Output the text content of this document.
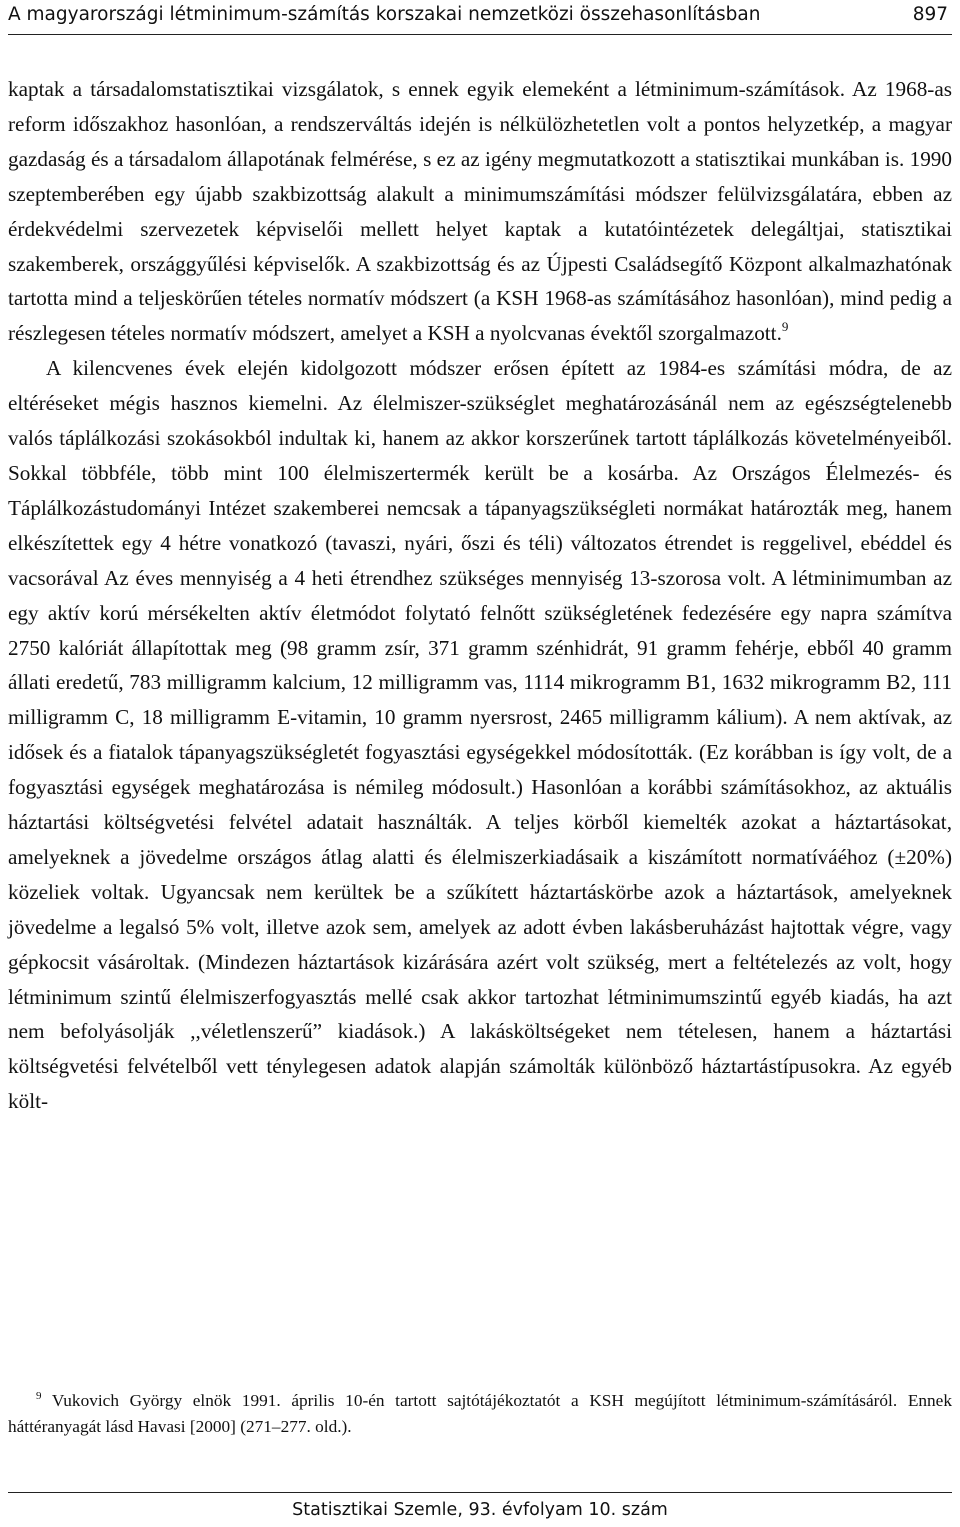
A magyarországi létminimum-számítás korszakai nemzetközi összehasonlításban	897

kaptak a társadalomstatisztikai vizsgálatok, s ennek egyik elemeként a létminimum-számítások. Az 1968-as reform időszakhoz hasonlóan, a rendszerváltás idején is nélkülözhetetlen volt a pontos helyzetkép, a magyar gazdaság és a társadalom állapotának felmérése, s ez az igény megmutatkozott a statisztikai munkában is. 1990 szeptemberében egy újabb szakbizottság alakult a minimumszámítási módszer felülvizsgálatára, ebben az érdekvédelmi szervezetek képviselői mellett helyet kaptak a kutatóintézetek delegáltjai, statisztikai szakemberek, országgyűlési képviselők. A szakbizottság és az Újpesti Családsegítő Központ alkalmazhatónak tartotta mind a teljeskörűen tételes normatív módszert (a KSH 1968-as számításához hasonlóan), mind pedig a részlegesen tételes normatív módszert, amelyet a KSH a nyolcvanas évektől szorgalmazott.$^9$

A kilencvenes évek elején kidolgozott módszer erősen épített az 1984-es számítási módra, de az eltéréseket mégis hasznos kiemelni. Az élelmiszer-szükséglet meghatározásánál nem az egészségtelenebb valós táplálkozási szokásokból indultak ki, hanem az akkor korszerűnek tartott táplálkozás követelményeiből. Sokkal többféle, több mint 100 élelmiszertermék került be a kosárba. Az Országos Élelmezés- és Táplálkozástudományi Intézet szakemberei nemcsak a tápanyagszükségleti normákat határozták meg, hanem elkészítettek egy 4 hétre vonatkozó (tavaszi, nyári, őszi és téli) változatos étrendet is reggelivel, ebéddel és vacsorával Az éves mennyiség a 4 heti étrendhez szükséges mennyiség 13-szorosa volt. A létminimumban az egy aktív korú mérsékelten aktív életmódot folytató felnőtt szükségletének fedezésére egy napra számítva 2750 kalóriát állapítottak meg (98 gramm zsír, 371 gramm szénhidrát, 91 gramm fehérje, ebből 40 gramm állati eredetű, 783 milligramm kalcium, 12 milligramm vas, 1114 mikrogramm B1, 1632 mikrogramm B2, 111 milligramm C, 18 milligramm E-vitamin, 10 gramm nyersrost, 2465 milligramm kálium). A nem aktívak, az idősek és a fiatalok tápanyagszükségletét fogyasztási egységekkel módosították. (Ez korábban is így volt, de a fogyasztási egységek meghatározása is némileg módosult.) Hasonlóan a korábbi számításokhoz, az aktuális háztartási költségvetési felvétel adatait használták. A teljes körből kiemelték azokat a háztartásokat, amelyeknek a jövedelme országos átlag alatti és élelmiszerkiadásaik a kiszámított normatíváéhoz (±20%) közeliek voltak. Ugyancsak nem kerültek be a szűkített háztartáskörbe azok a háztartások, amelyeknek jövedelme a legalsó 5% volt, illetve azok sem, amelyek az adott évben lakásberuházást hajtottak végre, vagy gépkocsit vásároltak. (Mindezen háztartások kizárására azért volt szükség, mert a feltételezés az volt, hogy létminimum szintű élelmiszerfogyasztás mellé csak akkor tartozhat létminimumszintű egyéb kiadás, ha azt nem befolyásolják ,,véletlenszerű” kiadások.) A lakásköltségeket nem tételesen, hanem a háztartási költségvetési felvételből vett ténylegesen adatok alapján számolták különböző háztartástípusokra. Az egyéb költ-

$^9$ Vukovich György elnök 1991. április 10-én tartott sajtótájékoztatót a KSH megújított létminimum-számításáról. Ennek háttéranyagát lásd Havasi [2000] (271–277. old.).

Statisztikai Szemle, 93. évfolyam 10. szám
